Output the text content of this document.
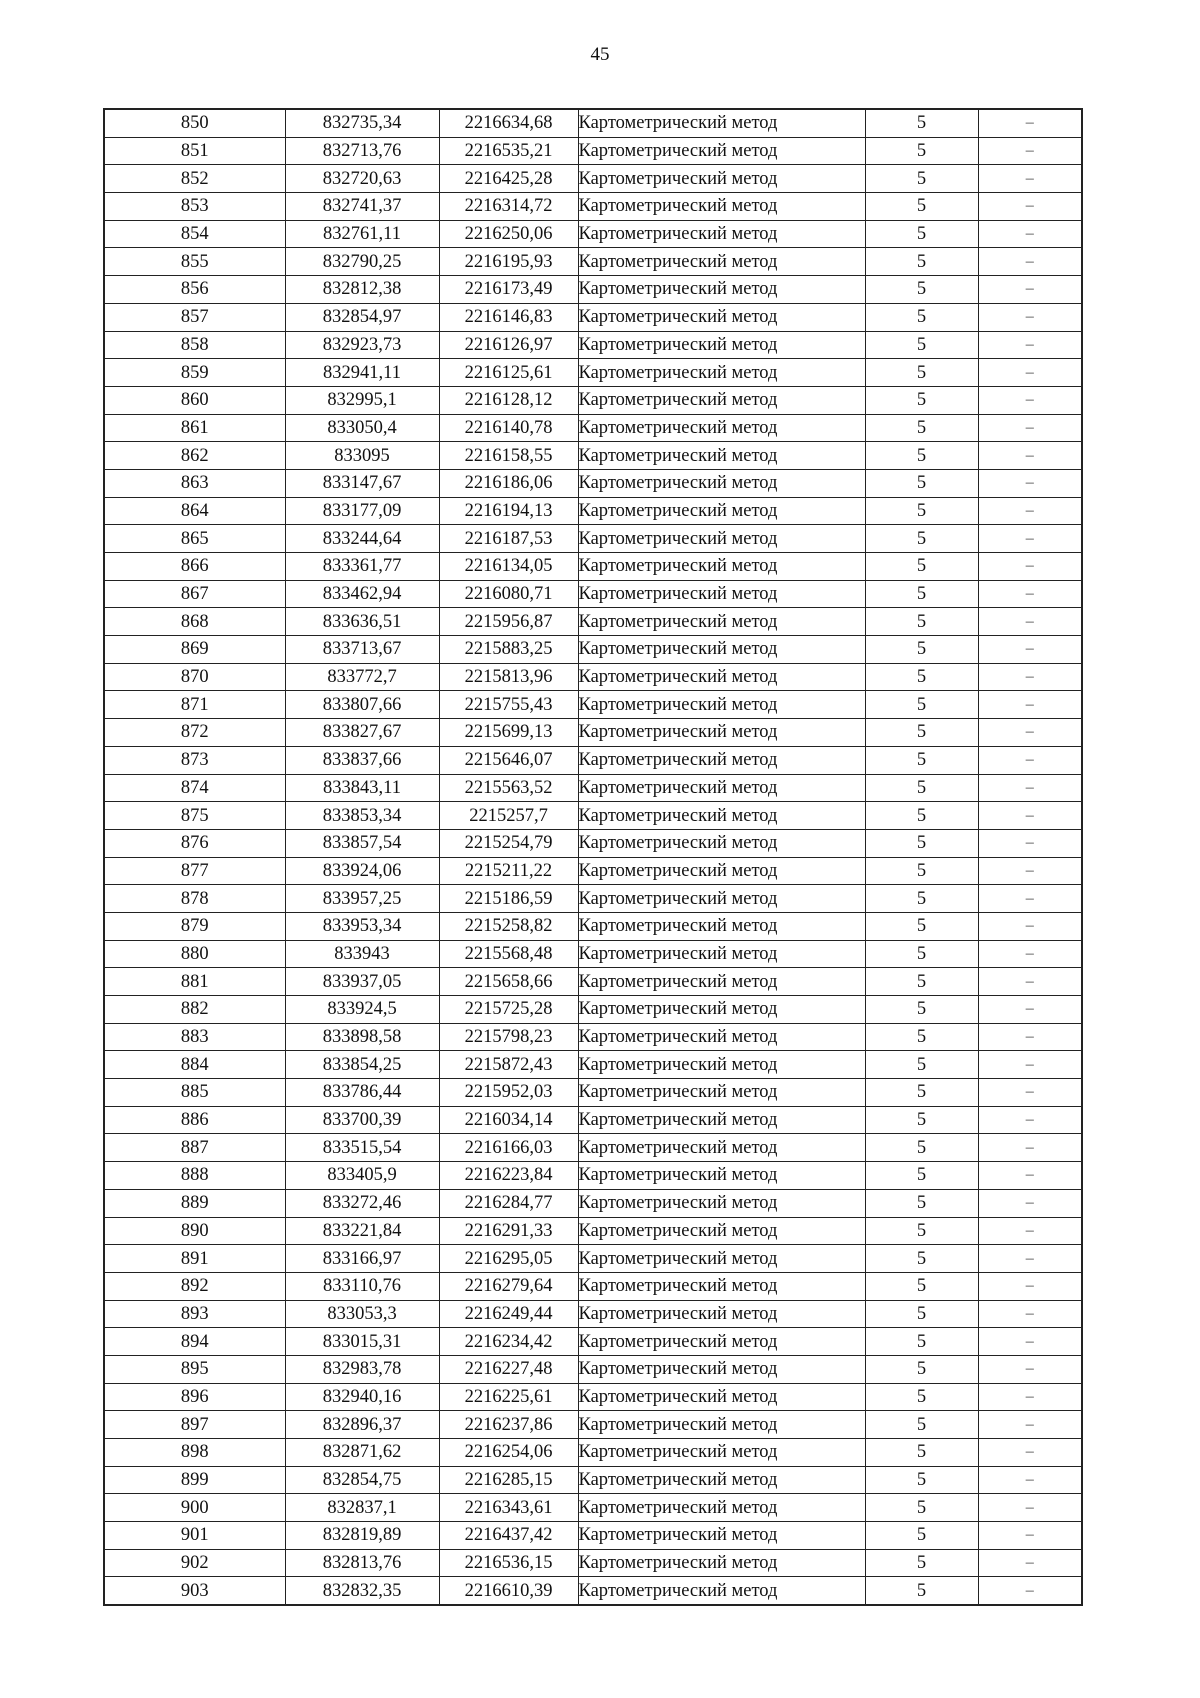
45
850	832735,34	2216634,68	Картометрический метод	5	–
851	832713,76	2216535,21	Картометрический метод	5	–
852	832720,63	2216425,28	Картометрический метод	5	–
853	832741,37	2216314,72	Картометрический метод	5	–
854	832761,11	2216250,06	Картометрический метод	5	–
855	832790,25	2216195,93	Картометрический метод	5	–
856	832812,38	2216173,49	Картометрический метод	5	–
857	832854,97	2216146,83	Картометрический метод	5	–
858	832923,73	2216126,97	Картометрический метод	5	–
859	832941,11	2216125,61	Картометрический метод	5	–
860	832995,1	2216128,12	Картометрический метод	5	–
861	833050,4	2216140,78	Картометрический метод	5	–
862	833095	2216158,55	Картометрический метод	5	–
863	833147,67	2216186,06	Картометрический метод	5	–
864	833177,09	2216194,13	Картометрический метод	5	–
865	833244,64	2216187,53	Картометрический метод	5	–
866	833361,77	2216134,05	Картометрический метод	5	–
867	833462,94	2216080,71	Картометрический метод	5	–
868	833636,51	2215956,87	Картометрический метод	5	–
869	833713,67	2215883,25	Картометрический метод	5	–
870	833772,7	2215813,96	Картометрический метод	5	–
871	833807,66	2215755,43	Картометрический метод	5	–
872	833827,67	2215699,13	Картометрический метод	5	–
873	833837,66	2215646,07	Картометрический метод	5	–
874	833843,11	2215563,52	Картометрический метод	5	–
875	833853,34	2215257,7	Картометрический метод	5	–
876	833857,54	2215254,79	Картометрический метод	5	–
877	833924,06	2215211,22	Картометрический метод	5	–
878	833957,25	2215186,59	Картометрический метод	5	–
879	833953,34	2215258,82	Картометрический метод	5	–
880	833943	2215568,48	Картометрический метод	5	–
881	833937,05	2215658,66	Картометрический метод	5	–
882	833924,5	2215725,28	Картометрический метод	5	–
883	833898,58	2215798,23	Картометрический метод	5	–
884	833854,25	2215872,43	Картометрический метод	5	–
885	833786,44	2215952,03	Картометрический метод	5	–
886	833700,39	2216034,14	Картометрический метод	5	–
887	833515,54	2216166,03	Картометрический метод	5	–
888	833405,9	2216223,84	Картометрический метод	5	–
889	833272,46	2216284,77	Картометрический метод	5	–
890	833221,84	2216291,33	Картометрический метод	5	–
891	833166,97	2216295,05	Картометрический метод	5	–
892	833110,76	2216279,64	Картометрический метод	5	–
893	833053,3	2216249,44	Картометрический метод	5	–
894	833015,31	2216234,42	Картометрический метод	5	–
895	832983,78	2216227,48	Картометрический метод	5	–
896	832940,16	2216225,61	Картометрический метод	5	–
897	832896,37	2216237,86	Картометрический метод	5	–
898	832871,62	2216254,06	Картометрический метод	5	–
899	832854,75	2216285,15	Картометрический метод	5	–
900	832837,1	2216343,61	Картометрический метод	5	–
901	832819,89	2216437,42	Картометрический метод	5	–
902	832813,76	2216536,15	Картометрический метод	5	–
903	832832,35	2216610,39	Картометрический метод	5	–
